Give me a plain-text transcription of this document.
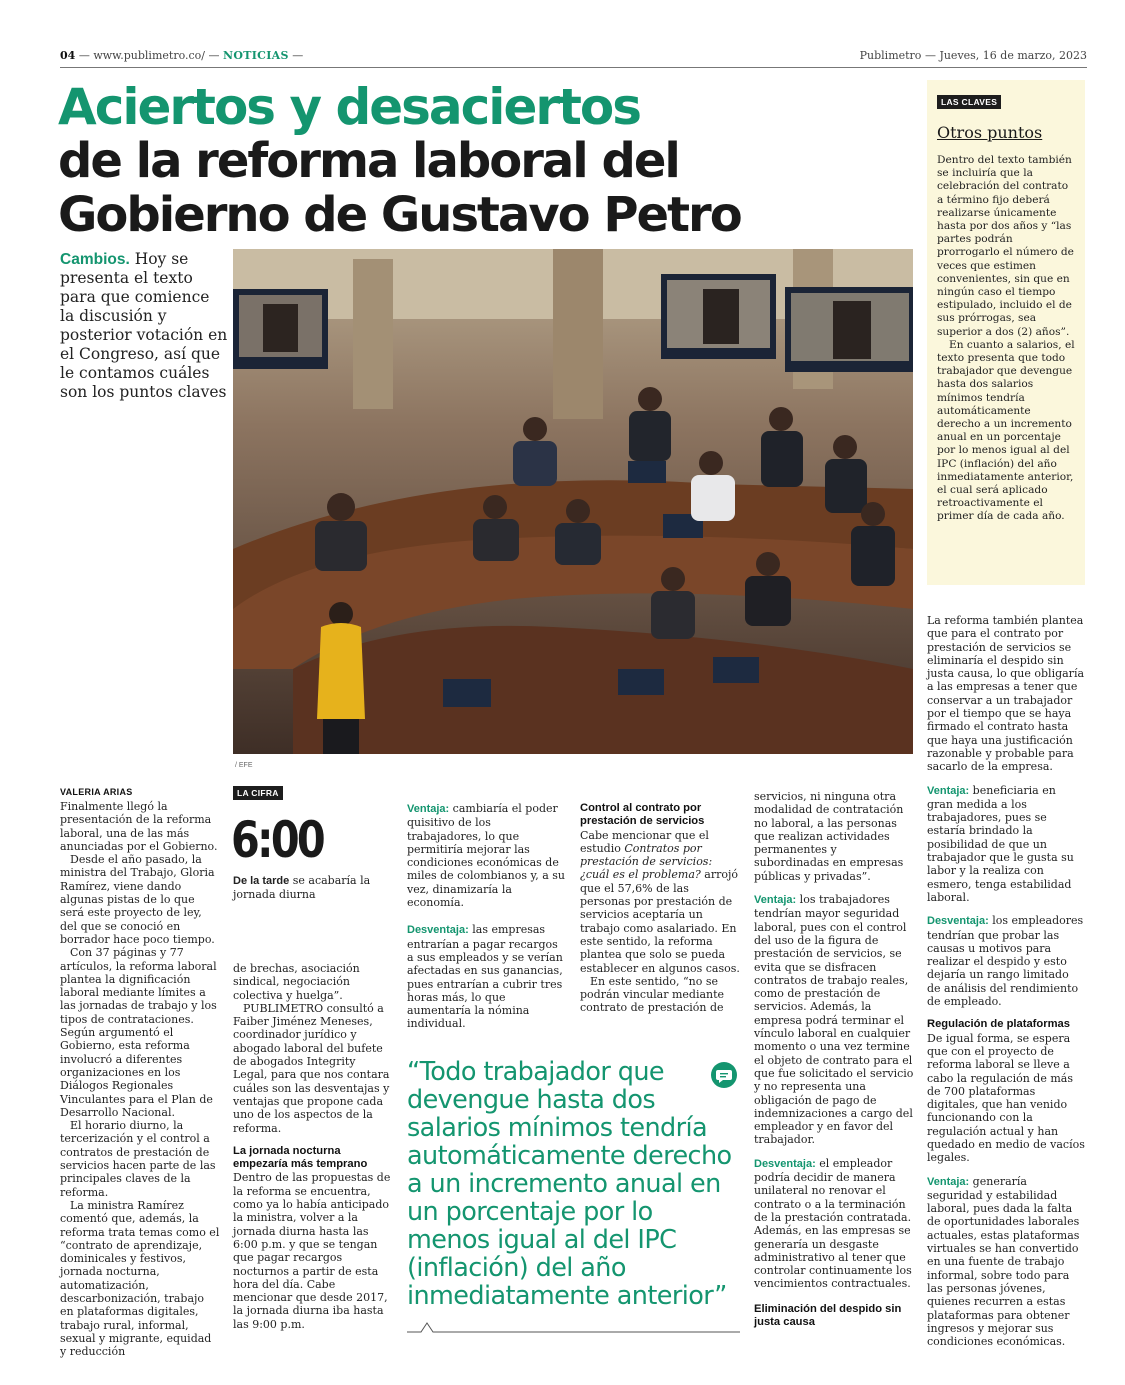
04 — www.publimetro.co/ — NOTICIAS —	Publimetro — Jueves, 16 de marzo, 2023
Aciertos y desaciertos
de la reforma laboral del
Gobierno de Gustavo Petro
Cambios. Hoy se presenta el texto para que comience la discusión y posterior votación en el Congreso, así que le contamos cuáles son los puntos claves
/ EFE
LAS CLAVES
Otros puntos

Dentro del texto también se incluiría que la celebración del contrato a término fijo deberá realizarse únicamente hasta por dos años y “las partes podrán prorrogarlo el número de veces que estimen convenientes, sin que en ningún caso el tiempo estipulado, incluido el de sus prórrogas, sea superior a dos (2) años”.

En cuanto a salarios, el texto presenta que todo trabajador que devengue hasta dos salarios mínimos tendría automáticamente derecho a un incremento anual en un porcentaje por lo menos igual al del IPC (inflación) del año inmediatamente anterior, el cual será aplicado retroactivamente el primer día de cada año.

VALERIA ARIAS

Finalmente llegó la presentación de la reforma laboral, una de las más anunciadas por el Gobierno.

Desde el año pasado, la ministra del Trabajo, Gloria Ramírez, viene dando algunas pistas de lo que será este proyecto de ley, del que se conoció en borrador hace poco tiempo.

Con 37 páginas y 77 artículos, la reforma laboral plantea la dignificación laboral mediante límites a las jornadas de trabajo y los tipos de contrataciones. Según argumentó el Gobierno, esta reforma involucró a diferentes organizaciones en los Diálogos Regionales Vinculantes para el Plan de Desarrollo Nacional.

El horario diurno, la tercerización y el control a contratos de prestación de servicios hacen parte de las principales claves de la reforma.

La ministra Ramírez comentó que, además, la reforma trata temas como el “contrato de aprendizaje, dominicales y festivos, jornada nocturna, automatización, descarbonización, trabajo en plataformas digitales, trabajo rural, informal, sexual y migrante, equidad y reducción

LA CIFRA
6:00
De la tarde se acabaría la jornada diurna

de brechas, asociación sindical, negociación colectiva y huelga”.

PUBLIMETRO consultó a Faiber Jiménez Meneses, coordinador jurídico y abogado laboral del bufete de abogados Integrity Legal, para que nos contara cuáles son las desventajas y ventajas que propone cada uno de los aspectos de la reforma.

La jornada nocturna empezaría más temprano

Dentro de las propuestas de la reforma se encuentra, como ya lo había anticipado la ministra, volver a la jornada diurna hasta las 6:00 p.m. y que se tengan que pagar recargos nocturnos a partir de esta hora del día. Cabe mencionar que desde 2017, la jornada diurna iba hasta las 9:00 p.m.

Ventaja: cambiaría el poder quisitivo de los trabajadores, lo que permitiría mejorar las condiciones económicas de miles de colombianos y, a su vez, dinamizaría la economía.

Desventaja: las empresas entrarían a pagar recargos a sus empleados y se verían afectadas en sus ganancias, pues entrarían a cubrir tres horas más, lo que aumentaría la nómina individual.

Control al contrato por prestación de servicios

Cabe mencionar que el estudio Contratos por prestación de servicios: ¿cuál es el problema? arrojó que el 57,6% de las personas por prestación de servicios aceptaría un trabajo como asalariado. En este sentido, la reforma plantea que solo se pueda establecer en algunos casos.

En este sentido, “no se podrán vincular mediante contrato de prestación de

servicios, ni ninguna otra modalidad de contratación no laboral, a las personas que realizan actividades permanentes y subordinadas en empresas públicas y privadas”.

Ventaja: los trabajadores tendrían mayor seguridad laboral, pues con el control del uso de la figura de prestación de servicios, se evita que se disfracen contratos de trabajo reales, como de prestación de servicios. Además, la empresa podrá terminar el vínculo laboral en cualquier momento o una vez termine el objeto de contrato para el que fue solicitado el servicio y no representa una obligación de pago de indemnizaciones a cargo del empleador y en favor del trabajador.

Desventaja: el empleador podría decidir de manera unilateral no renovar el contrato o a la terminación de la prestación contratada. Además, en las empresas se generaría un desgaste administrativo al tener que controlar continuamente los vencimientos contractuales.

Eliminación del despido sin justa causa

La reforma también plantea que para el contrato por prestación de servicios se eliminaría el despido sin justa causa, lo que obligaría a las empresas a tener que conservar a un trabajador por el tiempo que se haya firmado el contrato hasta que haya una justificación razonable y probable para sacarlo de la empresa.

Ventaja: beneficiaria en gran medida a los trabajadores, pues se estaría brindado la posibilidad de que un trabajador que le gusta su labor y la realiza con esmero, tenga estabilidad laboral.

Desventaja: los empleadores tendrían que probar las causas u motivos para realizar el despido y esto dejaría un rango limitado de análisis del rendimiento de empleado.

Regulación de plataformas

De igual forma, se espera que con el proyecto de reforma laboral se lleve a cabo la regulación de más de 700 plataformas digitales, que han venido funcionando con la regulación actual y han quedado en medio de vacíos legales.

Ventaja: generaría seguridad y estabilidad laboral, pues dada la falta de oportunidades laborales actuales, estas plataformas virtuales se han convertido en una fuente de trabajo informal, sobre todo para las personas jóvenes, quienes recurren a estas plataformas para obtener ingresos y mejorar sus condiciones económicas.

“Todo trabajador que devengue hasta dos salarios mínimos tendría automáticamente derecho a un incremento anual en un porcentaje por lo menos igual al del IPC (inflación) del año inmediatamente anterior”
